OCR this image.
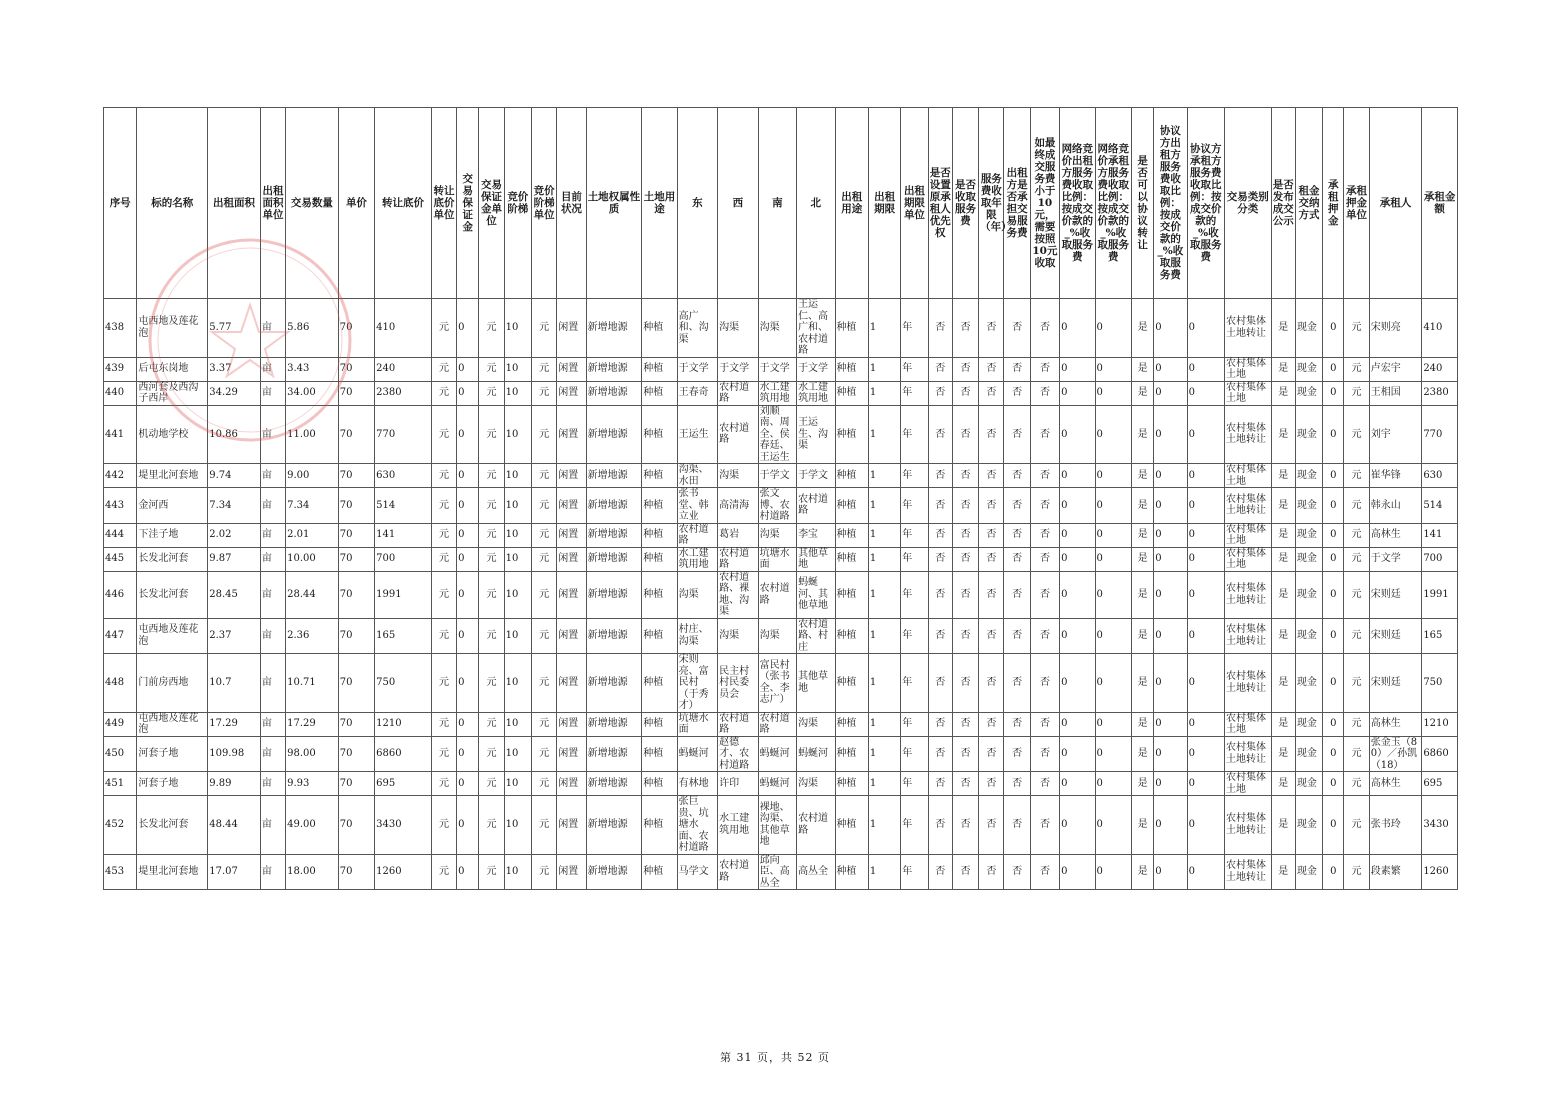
序号	标的名称	出租面积	出租面积单位	交易数量	单价	转让底价	转让底价单位	交易保证金	交易保证金单位	竞价阶梯	竞价阶梯单位	目前状况	土地权属性质	土地用途	东	西	南	北	出租用途	出租期限	出租期限单位	是否设置原承租人优先权	是否收取服务费	服务费收取年限（年）	出租方是否承担交易服务费	如最终成交服务费小于10元，需要按照10元收取	网络竞价出租方服务费收取比例：按成交价款的_%收取服务费	网络竞价承租方服务费收取比例：按成交价款的_%收取服务费	是否可以协议转让	协议方出租方服务费收取比例：按成交价款的_%收取服务费	协议方承租方服务费收取比例：按成交价款的_%收取服务费	交易类别分类	是否发布成交公示	租金交纳方式	承租押金	承租押金单位	承租人	承租金额
438	屯西地及莲花泡	5.77	亩	5.86	70	410	元	0	元	10	元	闲置	新增地源	种植	高广和、沟渠	沟渠	沟渠	王运仁、高广和、农村道路	种植	1	年	否	否	否	否	否	0	0	是	0	0	农村集体土地转让	是	现金	0	元	宋则亮	410
439	后屯东岗地	3.37	亩	3.43	70	240	元	0	元	10	元	闲置	新增地源	种植	于文学	于文学	于文学	于文学	种植	1	年	否	否	否	否	否	0	0	是	0	0	农村集体土地	是	现金	0	元	卢宏宇	240
440	西河套及西沟子西岸	34.29	亩	34.00	70	2380	元	0	元	10	元	闲置	新增地源	种植	王春奇	农村道路	水工建筑用地	水工建筑用地	种植	1	年	否	否	否	否	否	0	0	是	0	0	农村集体土地	是	现金	0	元	王相国	2380
441	机动地学校	10.86	亩	11.00	70	770	元	0	元	10	元	闲置	新增地源	种植	王运生	农村道路	刘顺南、周全、侯春廷、王运生	王运生、沟渠	种植	1	年	否	否	否	否	否	0	0	是	0	0	农村集体土地转让	是	现金	0	元	刘宇	770
442	堤里北河套地	9.74	亩	9.00	70	630	元	0	元	10	元	闲置	新增地源	种植	沟渠、水田	沟渠	于学文	于学文	种植	1	年	否	否	否	否	否	0	0	是	0	0	农村集体土地	是	现金	0	元	崔华锋	630
443	金河西	7.34	亩	7.34	70	514	元	0	元	10	元	闲置	新增地源	种植	张书堂、韩立业	高清海	张文博、农村道路	农村道路	种植	1	年	否	否	否	否	否	0	0	是	0	0	农村集体土地转让	是	现金	0	元	韩永山	514
444	下洼子地	2.02	亩	2.01	70	141	元	0	元	10	元	闲置	新增地源	种植	农村道路	葛岩	沟渠	李宝	种植	1	年	否	否	否	否	否	0	0	是	0	0	农村集体土地	是	现金	0	元	高林生	141
445	长发北河套	9.87	亩	10.00	70	700	元	0	元	10	元	闲置	新增地源	种植	水工建筑用地	农村道路	坑塘水面	其他草地	种植	1	年	否	否	否	否	否	0	0	是	0	0	农村集体土地	是	现金	0	元	于文学	700
446	长发北河套	28.45	亩	28.44	70	1991	元	0	元	10	元	闲置	新增地源	种植	沟渠	农村道路、裸地、沟渠	农村道路	蚂蜒河、其他草地	种植	1	年	否	否	否	否	否	0	0	是	0	0	农村集体土地转让	是	现金	0	元	宋则廷	1991
447	屯西地及莲花泡	2.37	亩	2.36	70	165	元	0	元	10	元	闲置	新增地源	种植	村庄、沟渠	沟渠	沟渠	农村道路、村庄	种植	1	年	否	否	否	否	否	0	0	是	0	0	农村集体土地转让	是	现金	0	元	宋则廷	165
448	门前房西地	10.7	亩	10.71	70	750	元	0	元	10	元	闲置	新增地源	种植	宋则亮、富民村（于秀才）	民主村村民委员会	富民村（张书全、李志广）	其他草地	种植	1	年	否	否	否	否	否	0	0	是	0	0	农村集体土地转让	是	现金	0	元	宋则廷	750
449	屯西地及莲花泡	17.29	亩	17.29	70	1210	元	0	元	10	元	闲置	新增地源	种植	坑塘水面	农村道路	农村道路	沟渠	种植	1	年	否	否	否	否	否	0	0	是	0	0	农村集体土地	是	现金	0	元	高林生	1210
450	河套子地	109.98	亩	98.00	70	6860	元	0	元	10	元	闲置	新增地源	种植	蚂蜒河	赵德才、农村道路	蚂蜒河	蚂蜒河	种植	1	年	否	否	否	否	否	0	0	是	0	0	农村集体土地转让	是	现金	0	元	张金玉（80）／孙凯（18）	6860
451	河套子地	9.89	亩	9.93	70	695	元	0	元	10	元	闲置	新增地源	种植	有林地	许印	蚂蜒河	沟渠	种植	1	年	否	否	否	否	否	0	0	是	0	0	农村集体土地	是	现金	0	元	高林生	695
452	长发北河套	48.44	亩	49.00	70	3430	元	0	元	10	元	闲置	新增地源	种植	张巨贵、坑塘水面、农村道路	水工建筑用地	裸地、沟渠、其他草地	农村道路	种植	1	年	否	否	否	否	否	0	0	是	0	0	农村集体土地转让	是	现金	0	元	张书玲	3430
453	堤里北河套地	17.07	亩	18.00	70	1260	元	0	元	10	元	闲置	新增地源	种植	马学文	农村道路	邱向臣、高丛全	高丛全	种植	1	年	否	否	否	否	否	0	0	是	0	0	农村集体土地转让	是	现金	0	元	段素繁	1260
第 31 页，共 52 页
